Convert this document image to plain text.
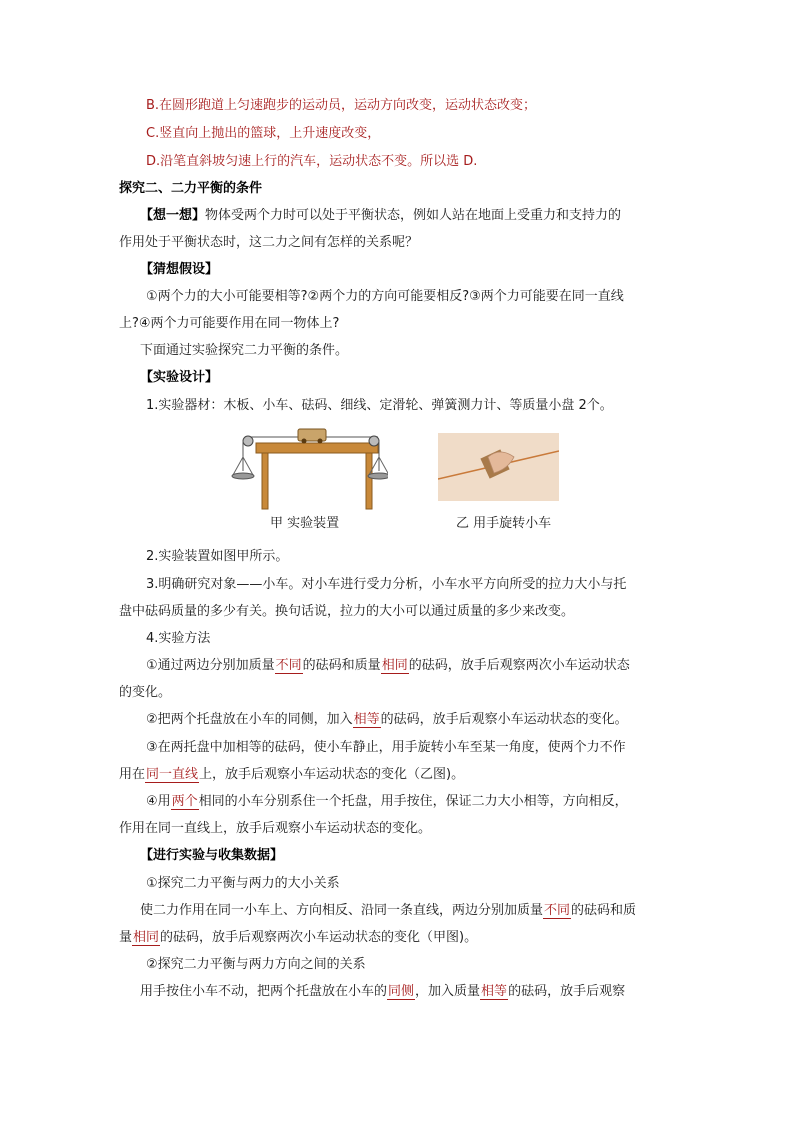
B.在圆形跑道上匀速跑步的运动员，运动方向改变，运动状态改变；
C.竖直向上抛出的篮球，上升速度改变，
D.沿笔直斜坡匀速上行的汽车，运动状态不变。所以选 D.
探究二、二力平衡的条件
【想一想】物体受两个力时可以处于平衡状态，例如人站在地面上受重力和支持力的
作用处于平衡状态时，这二力之间有怎样的关系呢？
【猜想假设】
①两个力的大小可能要相等?②两个力的方向可能要相反?③两个力可能要在同一直线
上?④两个力可能要作用在同一物体上?
下面通过实验探究二力平衡的条件。
【实验设计】
1.实验器材：木板、小车、砝码、细线、定滑轮、弹簧测力计、等质量小盘 2个。
甲 实验装置	乙 用手旋转小车
2.实验装置如图甲所示。
3.明确研究对象——小车。对小车进行受力分析，小车水平方向所受的拉力大小与托
盘中砝码质量的多少有关。换句话说，拉力的大小可以通过质量的多少来改变。
4.实验方法
①通过两边分别加质量不同的砝码和质量相同的砝码，放手后观察两次小车运动状态
的变化。
②把两个托盘放在小车的同侧，加入相等的砝码，放手后观察小车运动状态的变化。
③在两托盘中加相等的砝码，使小车静止，用手旋转小车至某一角度，使两个力不作
用在同一直线上，放手后观察小车运动状态的变化（乙图)。
④用两个相同的小车分别系住一个托盘，用手按住，保证二力大小相等，方向相反，
作用在同一直线上，放手后观察小车运动状态的变化。
【进行实验与收集数据】
①探究二力平衡与两力的大小关系
使二力作用在同一小车上、方向相反、沿同一条直线，两边分别加质量不同的砝码和质
量相同的砝码，放手后观察两次小车运动状态的变化（甲图)。
②探究二力平衡与两力方向之间的关系
用手按住小车不动，把两个托盘放在小车的同侧，加入质量相等的砝码，放手后观察
